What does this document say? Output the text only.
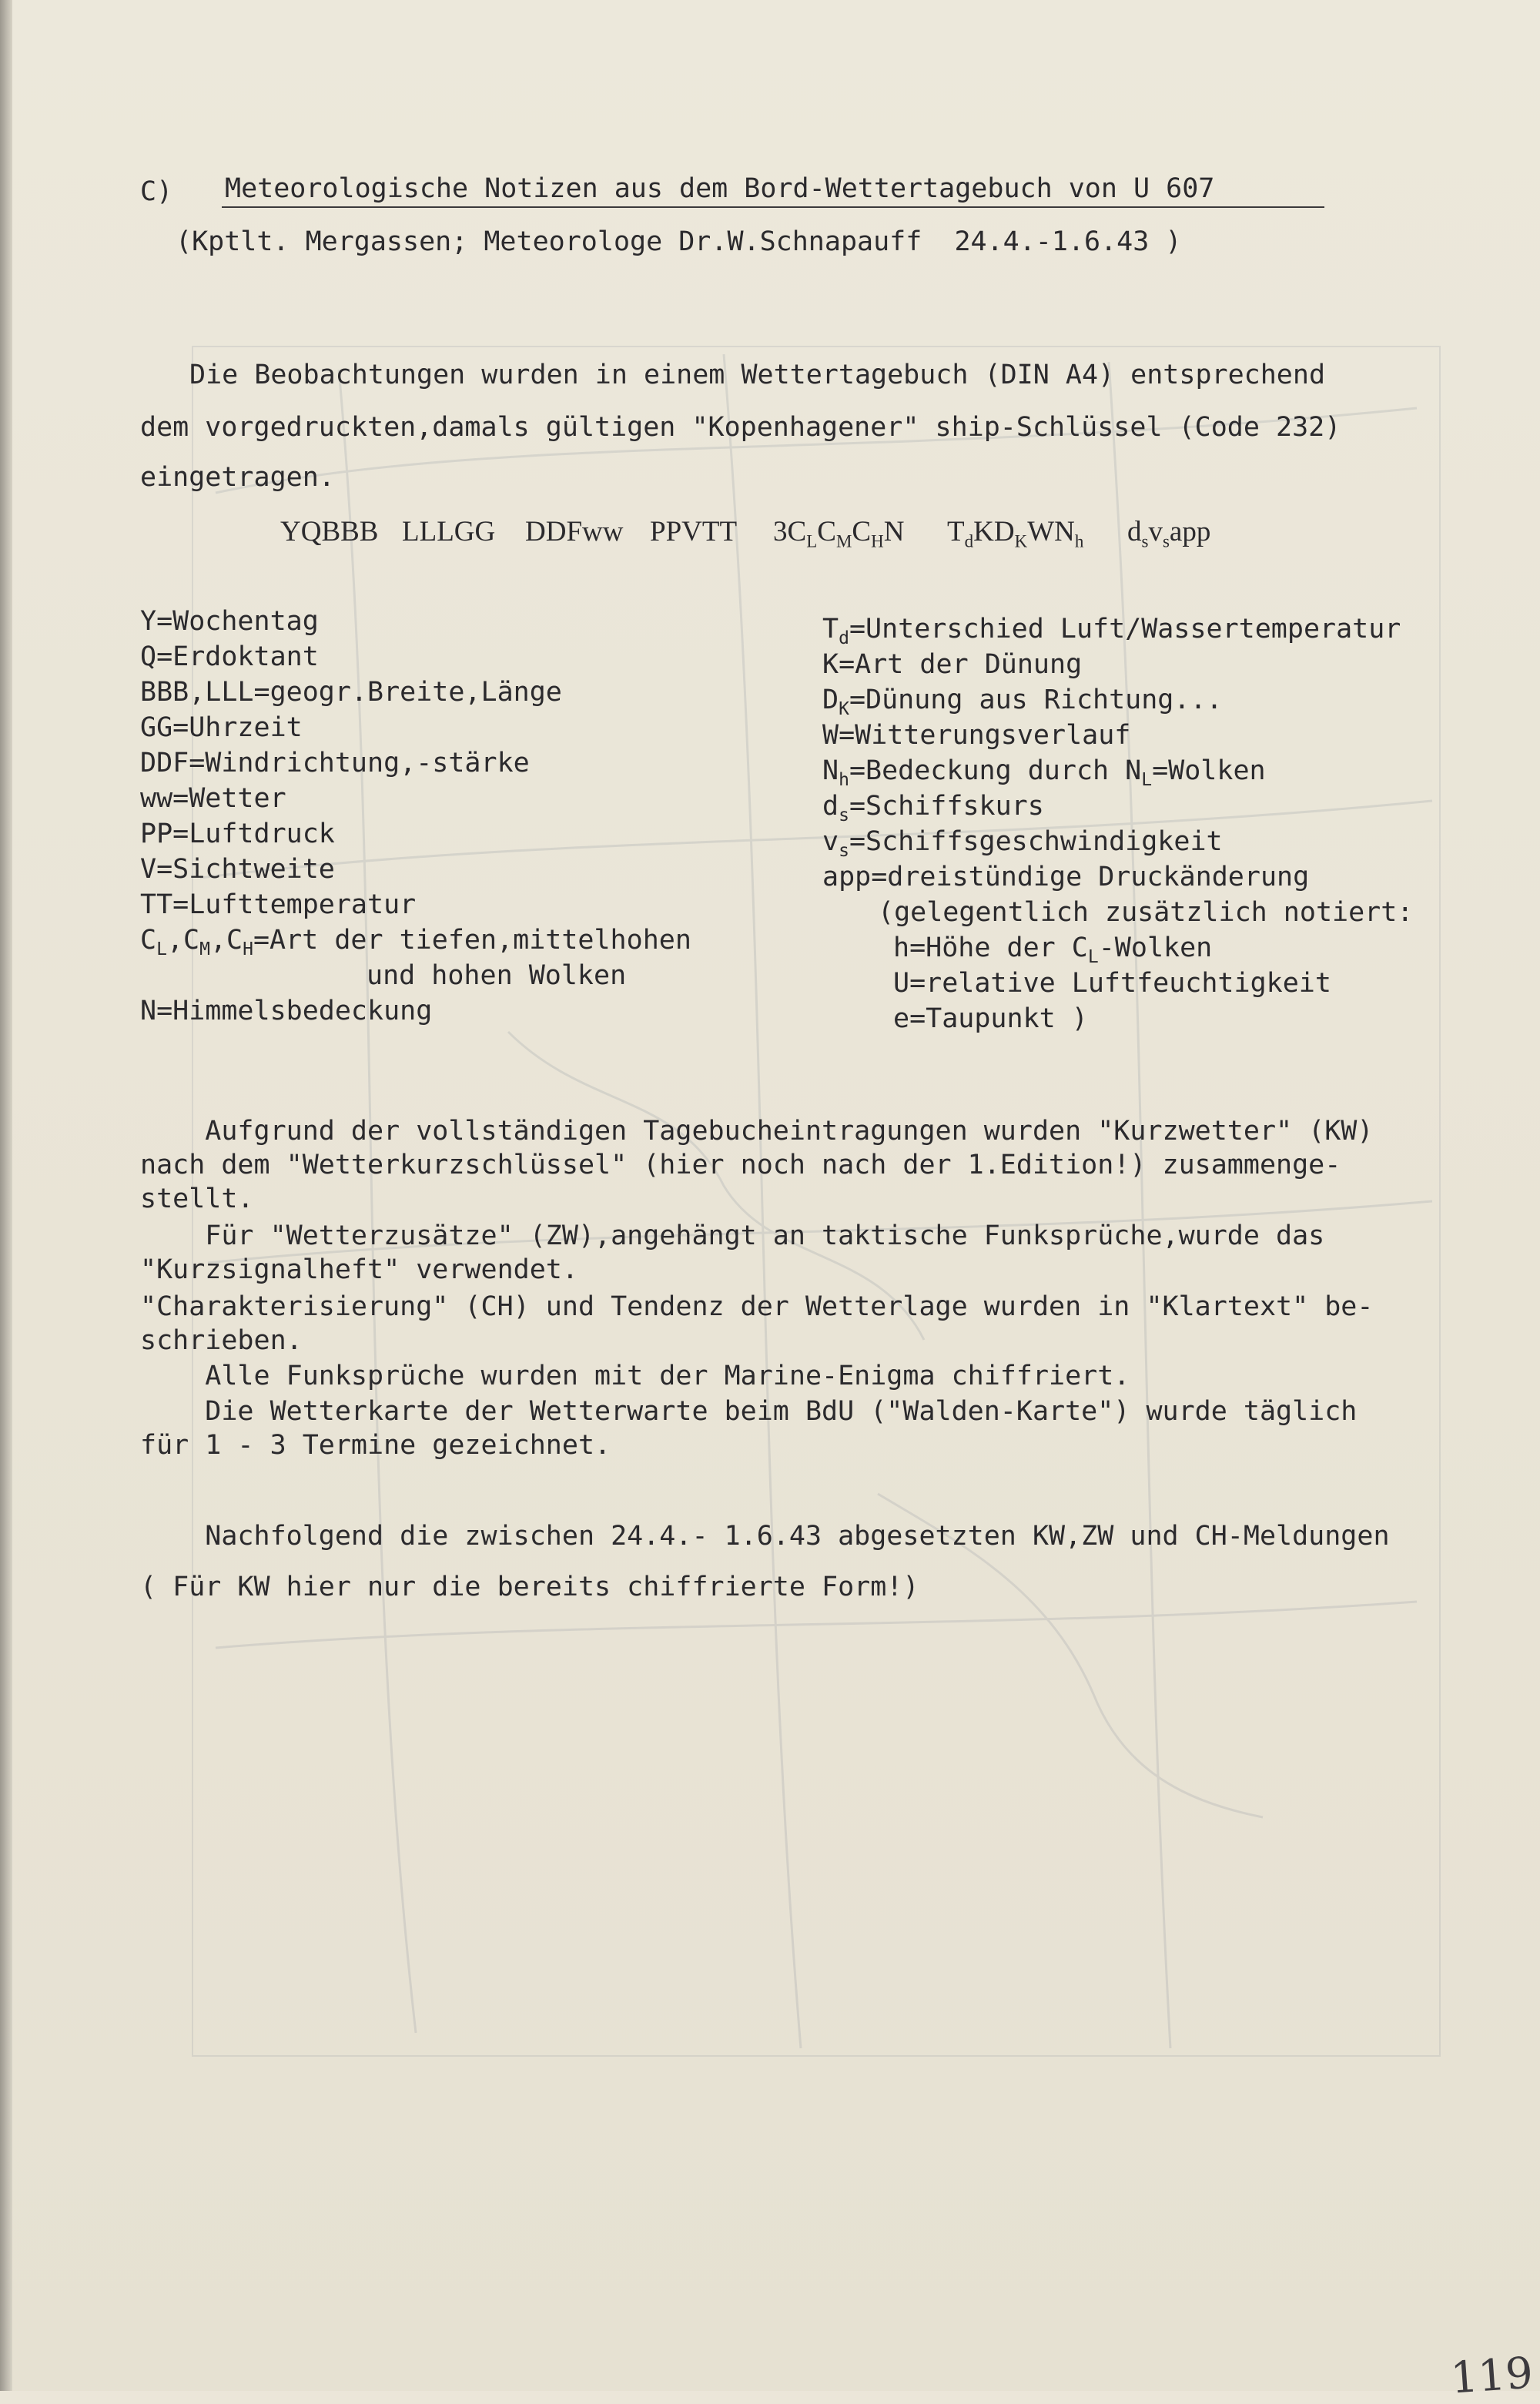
C) Meteorologische Notizen aus dem Bord-Wettertagebuch von U 607
(Kptlt. Mergassen; Meteorologe Dr.W.Schnapauff  24.4.-1.6.43 )
Die Beobachtungen wurden in einem Wettertagebuch (DIN A4) entsprechend
dem vorgedruckten,damals gültigen "Kopenhagener" ship-Schlüssel (Code 232)
eingetragen.
YQBBB LLLGG DDFww PPVTT $3C_LC_MC_HN$ $T_dKD_KWN_h$ $d_sv_sapp$
Y=Wochentag
Q=Erdoktant
BBB,LLL=geogr.Breite,Länge
GG=Uhrzeit
DDF=Windrichtung,-stärke
ww=Wetter
PP=Luftdruck
V=Sichtweite
TT=Lufttemperatur
$C_L,C_M,C_H=Art$ der tiefen,mittelhohen
und hohen Wolken
N=Himmelsbedeckung
$T_d=Unterschied$ Luft/Wassertemperatur
K=Art der Dünung
$D_K=Dünung$ aus Richtung...
W=Witterungsverlauf
$N_h=Bedeckung$ durch $N_L=Wolken$
$d_s=Schiffskurs$
$v_s=Schiffsgeschwindigkeit$
app=dreistündige Druckänderung
(gelegentlich zusätzlich notiert:
h=Höhe der $C_L$-Wolken
U=relative Luftfeuchtigkeit
e=Taupunkt )
Aufgrund der vollständigen Tagebucheintragungen wurden "Kurzwetter" (KW)
nach dem "Wetterkurzschlüssel" (hier noch nach der 1.Edition!) zusammenge-
stellt.
Für "Wetterzusätze" (ZW),angehängt an taktische Funksprüche,wurde das
"Kurzsignalheft" verwendet.
"Charakterisierung" (CH) und Tendenz der Wetterlage wurden in "Klartext" be-
schrieben.
Alle Funksprüche wurden mit der Marine-Enigma chiffriert.
Die Wetterkarte der Wetterwarte beim BdU ("Walden-Karte") wurde täglich
für 1 - 3 Termine gezeichnet.
Nachfolgend die zwischen 24.4.- 1.6.43 abgesetzten KW,ZW und CH-Meldungen
( Für KW hier nur die bereits chiffrierte Form!)
119
